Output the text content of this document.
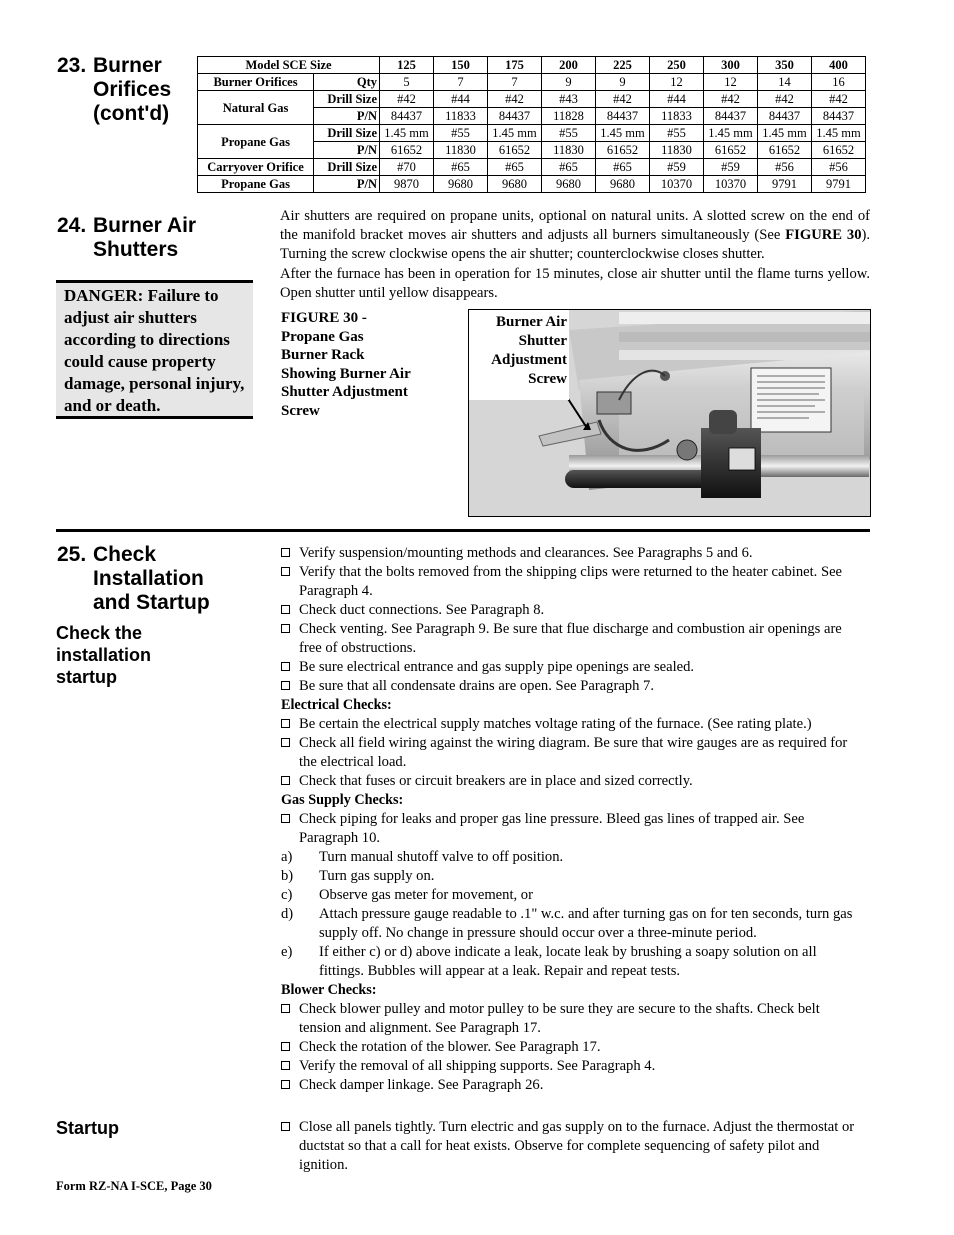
23. Burner
Orifices
(cont'd)
Model SCE Size		125	150	175	200	225	250	300	350	400
Burner Orifices	Qty	5	7	7	9	9	12	12	14	16
Natural Gas	Drill Size	#42	#44	#42	#43	#42	#44	#42	#42	#42
	P/N	84437	11833	84437	11828	84437	11833	84437	84437	84437
Propane Gas	Drill Size	1.45 mm	#55	1.45 mm	#55	1.45 mm	#55	1.45 mm	1.45 mm	1.45 mm
	P/N	61652	11830	61652	11830	61652	11830	61652	61652	61652
Carryover Orifice	Drill Size	#70	#65	#65	#65	#65	#59	#59	#56	#56
Propane Gas	P/N	9870	9680	9680	9680	9680	10370	10370	9791	9791
24. Burner Air
Shutters
Air shutters are required on propane units, optional on natural units. A slotted screw on the end of the manifold bracket moves air shutters and adjusts all burners simultaneously (See FIGURE 30). Turning the screw clockwise opens the air shutter; counterclockwise closes shutter.
After the furnace has been in operation for 15 minutes, close air shutter until the flame turns yellow. Open shutter until yellow disappears.
DANGER: Failure to adjust air shutters according to directions could cause property damage, personal injury, and or death.
FIGURE 30 -
Propane Gas
Burner Rack
Showing Burner Air
Shutter Adjustment
Screw
Burner Air
Shutter
Adjustment
Screw
25. Check
Installation
and Startup
Check the
installation
startup
Startup
Verify suspension/mounting methods and clearances. See Paragraphs 5 and 6.
Verify that the bolts removed from the shipping clips were returned to the heater cabinet. See Paragraph 4.
Check duct connections. See Paragraph 8.
Check venting. See Paragraph 9. Be sure that flue discharge and combustion air openings are free of obstructions.
Be sure electrical entrance and gas supply pipe openings are sealed.
Be sure that all condensate drains are open. See Paragraph 7.
Electrical Checks:
Be certain the electrical supply matches voltage rating of the furnace. (See rating plate.)
Check all field wiring against the wiring diagram. Be sure that wire gauges are as required for the electrical load.
Check that fuses or circuit breakers are in place and sized correctly.
Gas Supply Checks:
Check piping for leaks and proper gas line pressure. Bleed gas lines of trapped air. See Paragraph 10.
a)	Turn manual shutoff valve to off position.
b)	Turn gas supply on.
c)	Observe gas meter for movement, or
d)	Attach pressure gauge readable to .1" w.c. and after turning gas on for ten seconds, turn gas supply off. No change in pressure should occur over a three-minute period.
e)	If either c) or d) above indicate a leak, locate leak by brushing a soapy solution on all fittings. Bubbles will appear at a leak. Repair and repeat tests.
Blower Checks:
Check blower pulley and motor pulley to be sure they are secure to the shafts. Check belt tension and alignment. See Paragraph 17.
Check the rotation of the blower. See Paragraph 17.
Verify the removal of all shipping supports. See Paragraph 4.
Check damper linkage. See Paragraph 26.
Close all panels tightly. Turn electric and gas supply on to the furnace. Adjust the thermostat or ductstat so that a call for heat exists. Observe for complete sequencing of safety pilot and ignition.
Form RZ-NA I-SCE, Page 30
